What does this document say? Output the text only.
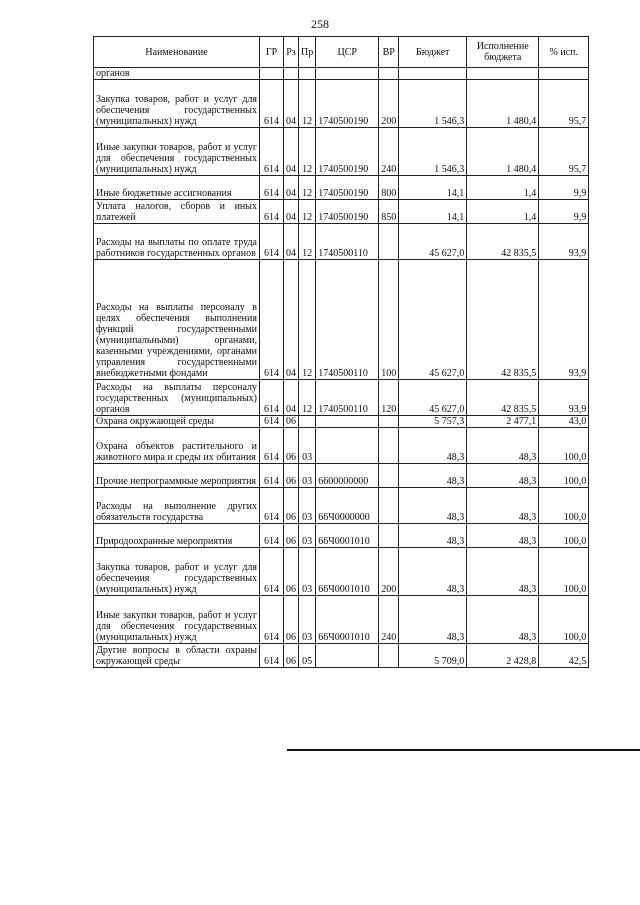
258
Наименование	ГР	Рз	Пр	ЦСР	ВР	Бюджет	Исполнение бюджета	% исп.
органов								
Закупка товаров, работ и услуг для обеспечения государственных (муниципальных) нужд	614	04	12	1740500190	200	1 546,3	1 480,4	95,7
Иные закупки товаров, работ и услуг для обеспечения государственных (муниципальных) нужд	614	04	12	1740500190	240	1 546,3	1 480,4	95,7
Иные бюджетные ассигнования	614	04	12	1740500190	800	14,1	1,4	9,9
Уплата налогов, сборов и иных платежей	614	04	12	1740500190	850	14,1	1,4	9,9
Расходы на выплаты по оплате труда работников государственных органов	614	04	12	1740500110		45 627,0	42 835,5	93,9
Расходы на выплаты персоналу в целях обеспечения выполнения функций государственными (муниципальными) органами, казенными учреждениями, органами управления государственными внебюджетными фондами	614	04	12	1740500110	100	45 627,0	42 835,5	93,9
Расходы на выплаты персоналу государственных (муниципальных) органов	614	04	12	1740500110	120	45 627,0	42 835,5	93,9
Охрана окружающей среды	614	06				5 757,3	2 477,1	43,0
Охрана объектов растительного и животного мира и среды их обитания	614	06	03			48,3	48,3	100,0
Прочие непрограммные мероприятия	614	06	03	6600000000		48,3	48,3	100,0
Расходы на выполнение других обязательств государства	614	06	03	66Ч0000000		48,3	48,3	100,0
Природоохранные мероприятия	614	06	03	66Ч0001010		48,3	48,3	100,0
Закупка товаров, работ и услуг для обеспечения государственных (муниципальных) нужд	614	06	03	66Ч0001010	200	48,3	48,3	100,0
Иные закупки товаров, работ и услуг для обеспечения государственных (муниципальных) нужд	614	06	03	66Ч0001010	240	48,3	48,3	100,0
Другие вопросы в области охраны окружающей среды	614	06	05			5 709,0	2 428,8	42,5
